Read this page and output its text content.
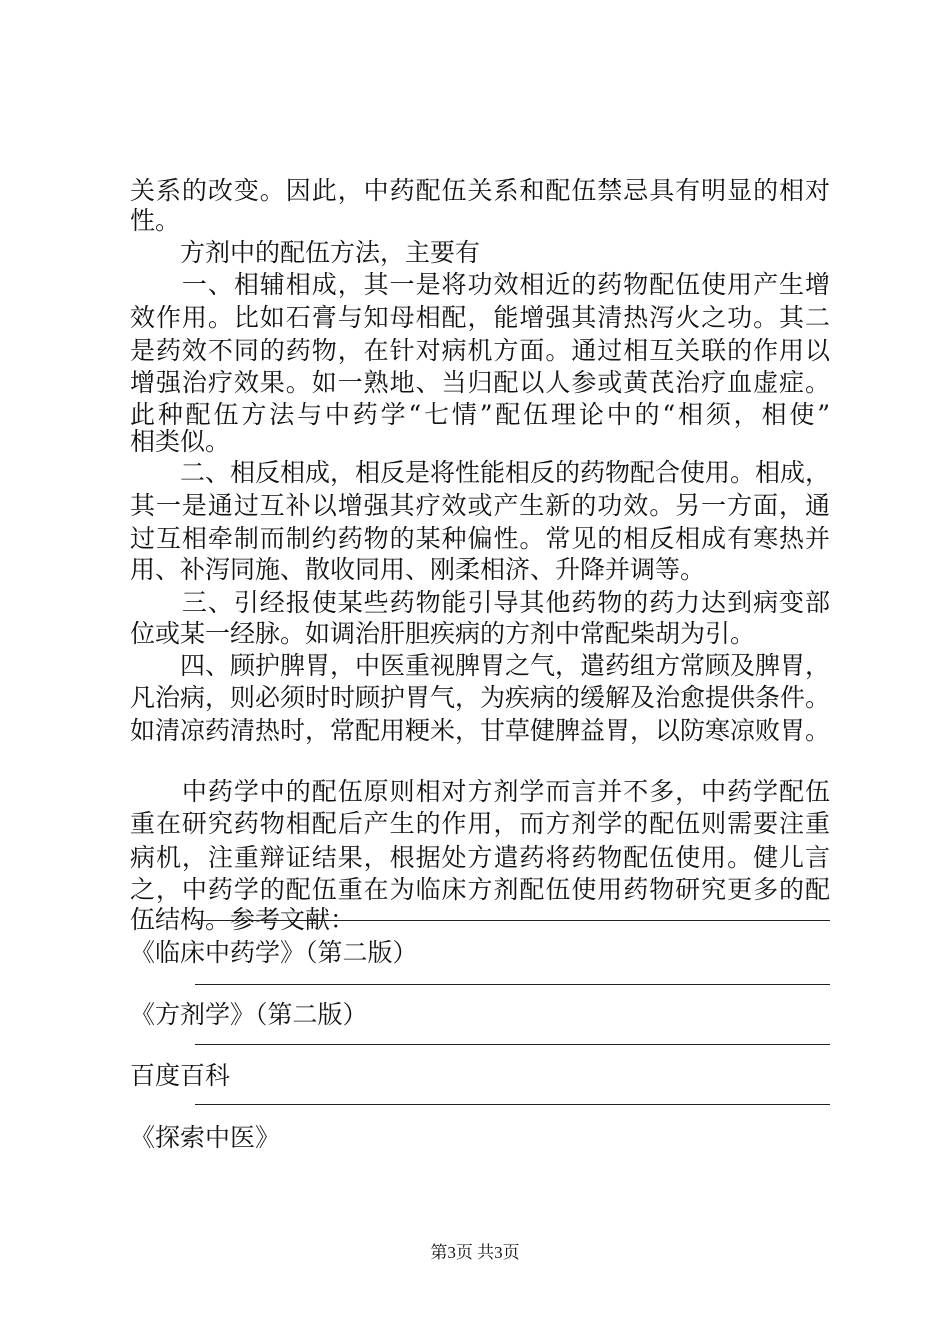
关系的改变。因此，中药配伍关系和配伍禁忌具有明显的相对
性。
　　方剂中的配伍方法，主要有
　　一、相辅相成，其一是将功效相近的药物配伍使用产生增
效作用。比如石膏与知母相配，能增强其清热泻火之功。其二
是药效不同的药物，在针对病机方面。通过相互关联的作用以
增强治疗效果。如一熟地、当归配以人参或黄芪治疗血虚症。
此种配伍方法与中药学“七情”配伍理论中的“相须，相使”
相类似。
　　二、相反相成，相反是将性能相反的药物配合使用。相成，
其一是通过互补以增强其疗效或产生新的功效。另一方面，通
过互相牵制而制约药物的某种偏性。常见的相反相成有寒热并
用、补泻同施、散收同用、刚柔相济、升降并调等。
　　三、引经报使某些药物能引导其他药物的药力达到病变部
位或某一经脉。如调治肝胆疾病的方剂中常配柴胡为引。
　　四、顾护脾胃，中医重视脾胃之气，遣药组方常顾及脾胃，
凡治病，则必须时时顾护胃气，为疾病的缓解及治愈提供条件。
如清凉药清热时，常配用粳米，甘草健脾益胃，以防寒凉败胃。
　　中药学中的配伍原则相对方剂学而言并不多，中药学配伍
重在研究药物相配后产生的作用，而方剂学的配伍则需要注重
病机，注重辩证结果，根据处方遣药将药物配伍使用。健儿言
之，中药学的配伍重在为临床方剂配伍使用药物研究更多的配
伍结构。参考文献：
《临床中药学》（第二版）
《方剂学》（第二版）
百度百科
《探索中医》
第3页 共3页
